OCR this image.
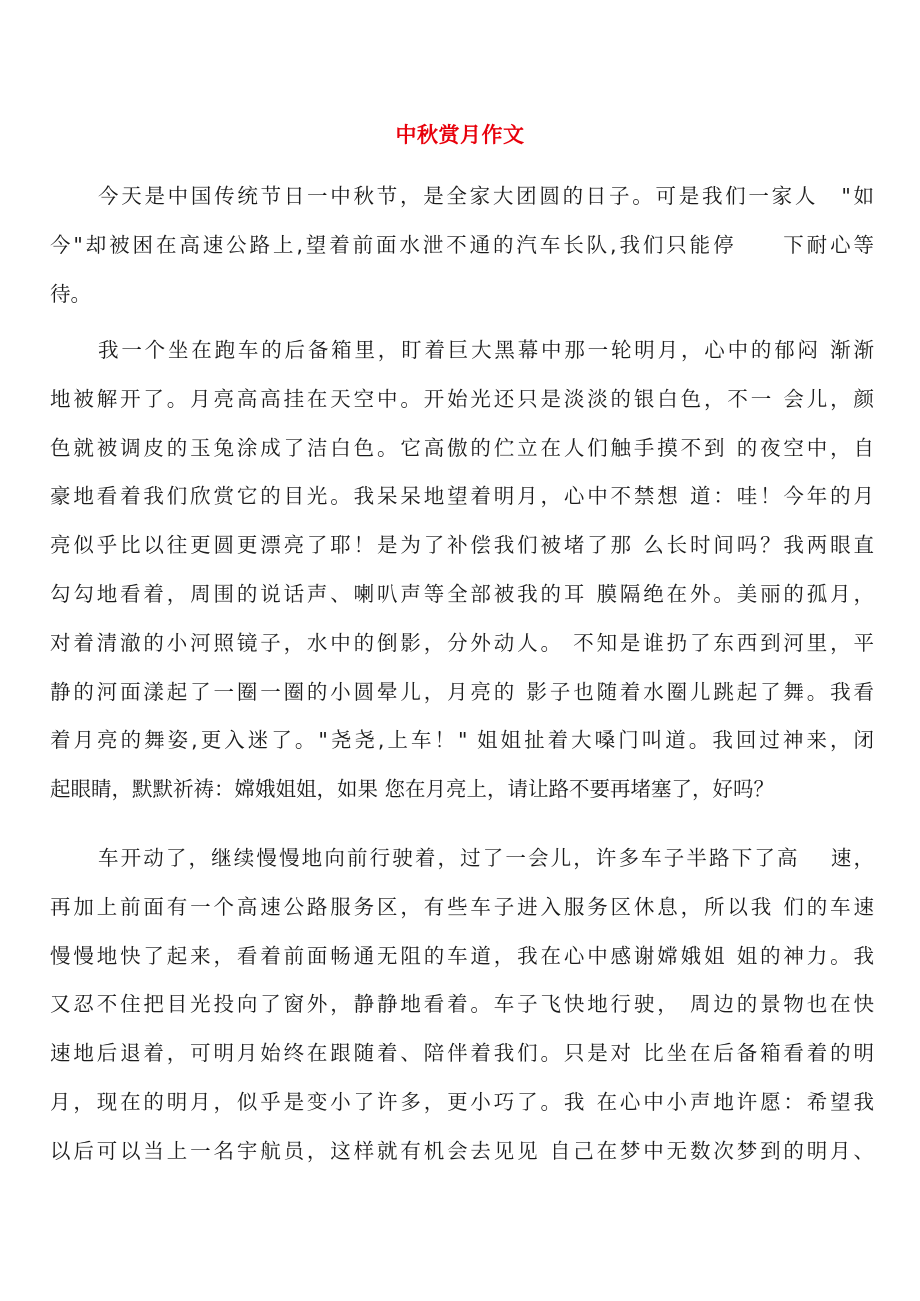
中秋赏月作文
今天是中国传统节日一中秋节，是全家大团圆的日子。可是我们一家人　"如
今"却被困在高速公路上,望着前面水泄不通的汽车长队,我们只能停　　下耐心等
待。
我一个坐在跑车的后备箱里，盯着巨大黑幕中那一轮明月，心中的郁闷 渐渐
地被解开了。月亮高高挂在天空中。开始光还只是淡淡的银白色，不一 会儿，颜
色就被调皮的玉兔涂成了洁白色。它高傲的伫立在人们触手摸不到 的夜空中，自
豪地看着我们欣赏它的目光。我呆呆地望着明月，心中不禁想 道：哇！今年的月
亮似乎比以往更圆更漂亮了耶！是为了补偿我们被堵了那 么长时间吗？我两眼直
勾勾地看着，周围的说话声、喇叭声等全部被我的耳 膜隔绝在外。美丽的孤月，
对着清澈的小河照镜子，水中的倒影，分外动人。 不知是谁扔了东西到河里，平
静的河面漾起了一圈一圈的小圆晕儿，月亮的 影子也随着水圈儿跳起了舞。我看
着月亮的舞姿,更入迷了。"尧尧,上车！" 姐姐扯着大嗓门叫道。我回过神来，闭
起眼睛，默默祈祷：嫦娥姐姐，如果 您在月亮上，请让路不要再堵塞了，好吗？
车开动了，继续慢慢地向前行驶着，过了一会儿，许多车子半路下了高　 速，
再加上前面有一个高速公路服务区，有些车子进入服务区休息，所以我 们的车速
慢慢地快了起来，看着前面畅通无阻的车道，我在心中感谢嫦娥姐 姐的神力。我
又忍不住把目光投向了窗外，静静地看着。车子飞快地行驶， 周边的景物也在快
速地后退着，可明月始终在跟随着、陪伴着我们。只是对 比坐在后备箱看着的明
月，现在的明月，似乎是变小了许多，更小巧了。我 在心中小声地许愿：希望我
以后可以当上一名宇航员，这样就有机会去见见 自己在梦中无数次梦到的明月、
